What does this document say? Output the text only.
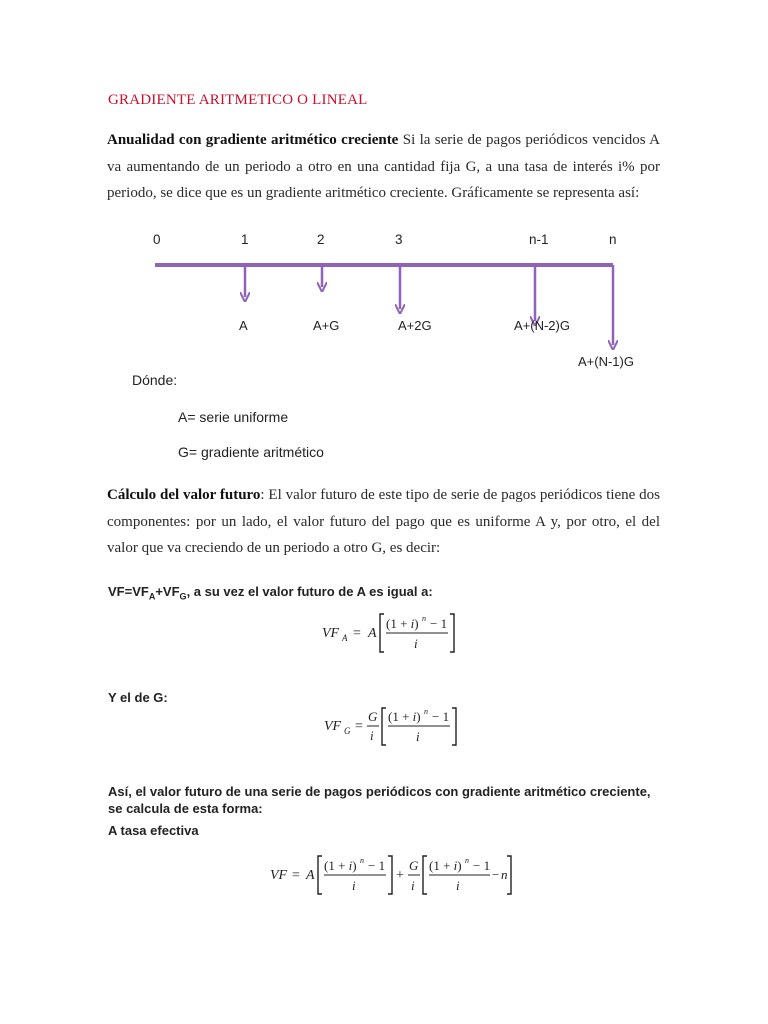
GRADIENTE ARITMETICO O LINEAL
Anualidad con gradiente aritmético creciente Si la serie de pagos periódicos vencidos A va aumentando de un periodo a otro en una cantidad fija G, a una tasa de interés i% por periodo, se dice que es un gradiente aritmético creciente. Gráficamente se representa así:
0	1	2	3	n-1	n
A	A+G	A+2G	A+(N-2)G
A+(N-1)G
Dónde:
A= serie uniforme
G= gradiente aritmético
Cálculo del valor futuro: El valor futuro de este tipo de serie de pagos periódicos tiene dos componentes: por un lado, el valor futuro del pago que es uniforme A y, por otro, el del valor que va creciendo de un periodo a otro G, es decir:
$VF=VF_A+VF_G$, a su vez el valor futuro de A es igual a:
VF A = A
(1 + i) n − 1
i
Y el de G:
VF G =
G
i
(1 + i) n − 1
i
Así, el valor futuro de una serie de pagos periódicos con gradiente aritmético creciente, se calcula de esta forma:
A tasa efectiva
VF = A
(1 + i) n − 1
i
+
G
i
(1 + i) n − 1
i
− n
